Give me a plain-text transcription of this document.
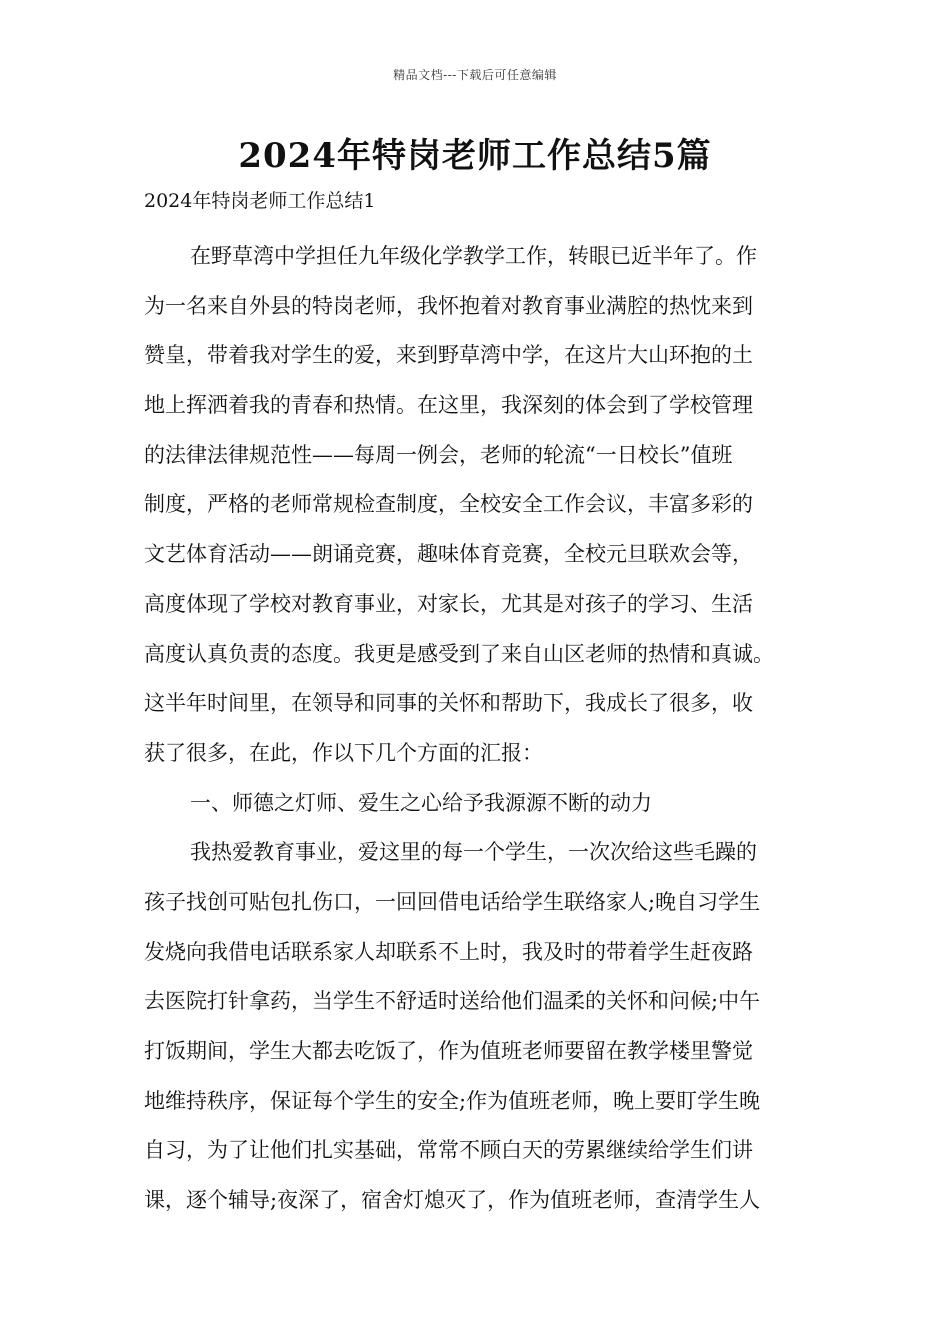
精品文档---下载后可任意编辑
2024年特岗老师工作总结5篇
2024年特岗老师工作总结1
在野草湾中学担任九年级化学教学工作，转眼已近半年了。作
为一名来自外县的特岗老师，我怀抱着对教育事业满腔的热忱来到
赞皇，带着我对学生的爱，来到野草湾中学，在这片大山环抱的土
地上挥洒着我的青春和热情。在这里，我深刻的体会到了学校管理
的法律法律规范性——每周一例会，老师的轮流“一日校长”值班
制度，严格的老师常规检查制度，全校安全工作会议，丰富多彩的
文艺体育活动——朗诵竞赛，趣味体育竞赛，全校元旦联欢会等，
高度体现了学校对教育事业，对家长，尤其是对孩子的学习、生活
高度认真负责的态度。我更是感受到了来自山区老师的热情和真诚。
这半年时间里，在领导和同事的关怀和帮助下，我成长了很多，收
获了很多，在此，作以下几个方面的汇报：
一、师德之灯师、爱生之心给予我源源不断的动力
我热爱教育事业，爱这里的每一个学生，一次次给这些毛躁的
孩子找创可贴包扎伤口，一回回借电话给学生联络家人;晚自习学生
发烧向我借电话联系家人却联系不上时，我及时的带着学生赶夜路
去医院打针拿药，当学生不舒适时送给他们温柔的关怀和问候;中午
打饭期间，学生大都去吃饭了，作为值班老师要留在教学楼里警觉
地维持秩序，保证每个学生的安全;作为值班老师，晚上要盯学生晚
自习，为了让他们扎实基础，常常不顾白天的劳累继续给学生们讲
课，逐个辅导;夜深了，宿舍灯熄灭了，作为值班老师，查清学生人
